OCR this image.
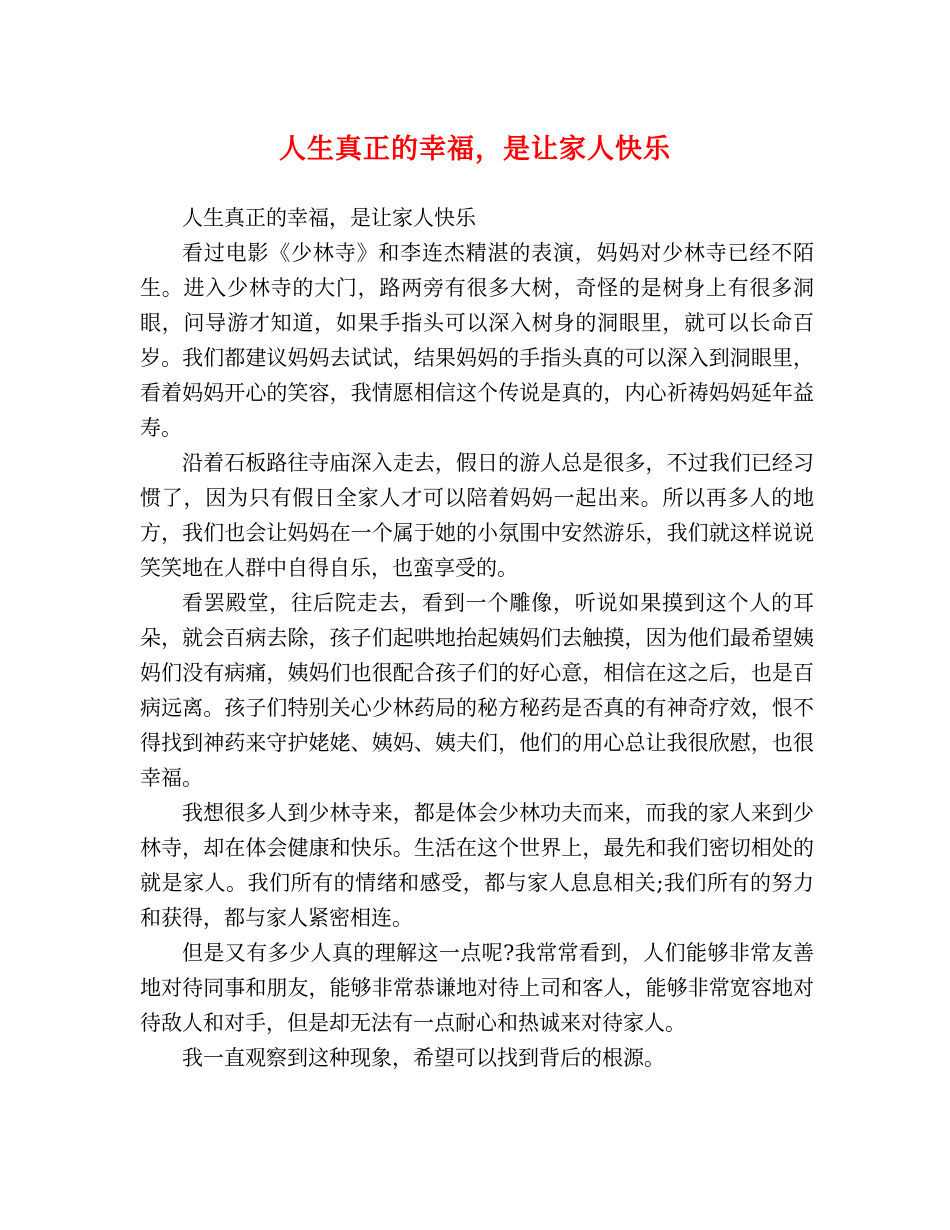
人生真正的幸福，是让家人快乐

人生真正的幸福，是让家人快乐

看过电影《少林寺》和李连杰精湛的表演，妈妈对少林寺已经不陌生。进入少林寺的大门，路两旁有很多大树，奇怪的是树身上有很多洞眼，问导游才知道，如果手指头可以深入树身的洞眼里，就可以长命百岁。我们都建议妈妈去试试，结果妈妈的手指头真的可以深入到洞眼里，看着妈妈开心的笑容，我情愿相信这个传说是真的，内心祈祷妈妈延年益寿。

沿着石板路往寺庙深入走去，假日的游人总是很多，不过我们已经习惯了，因为只有假日全家人才可以陪着妈妈一起出来。所以再多人的地方，我们也会让妈妈在一个属于她的小氛围中安然游乐，我们就这样说说笑笑地在人群中自得自乐，也蛮享受的。

看罢殿堂，往后院走去，看到一个雕像，听说如果摸到这个人的耳朵，就会百病去除，孩子们起哄地抬起姨妈们去触摸，因为他们最希望姨妈们没有病痛，姨妈们也很配合孩子们的好心意，相信在这之后，也是百病远离。孩子们特别关心少林药局的秘方秘药是否真的有神奇疗效，恨不得找到神药来守护姥姥、姨妈、姨夫们，他们的用心总让我很欣慰，也很幸福。

我想很多人到少林寺来，都是体会少林功夫而来，而我的家人来到少林寺，却在体会健康和快乐。生活在这个世界上，最先和我们密切相处的就是家人。我们所有的情绪和感受，都与家人息息相关;我们所有的努力和获得，都与家人紧密相连。

但是又有多少人真的理解这一点呢?我常常看到，人们能够非常友善地对待同事和朋友，能够非常恭谦地对待上司和客人，能够非常宽容地对待敌人和对手，但是却无法有一点耐心和热诚来对待家人。

我一直观察到这种现象，希望可以找到背后的根源。
